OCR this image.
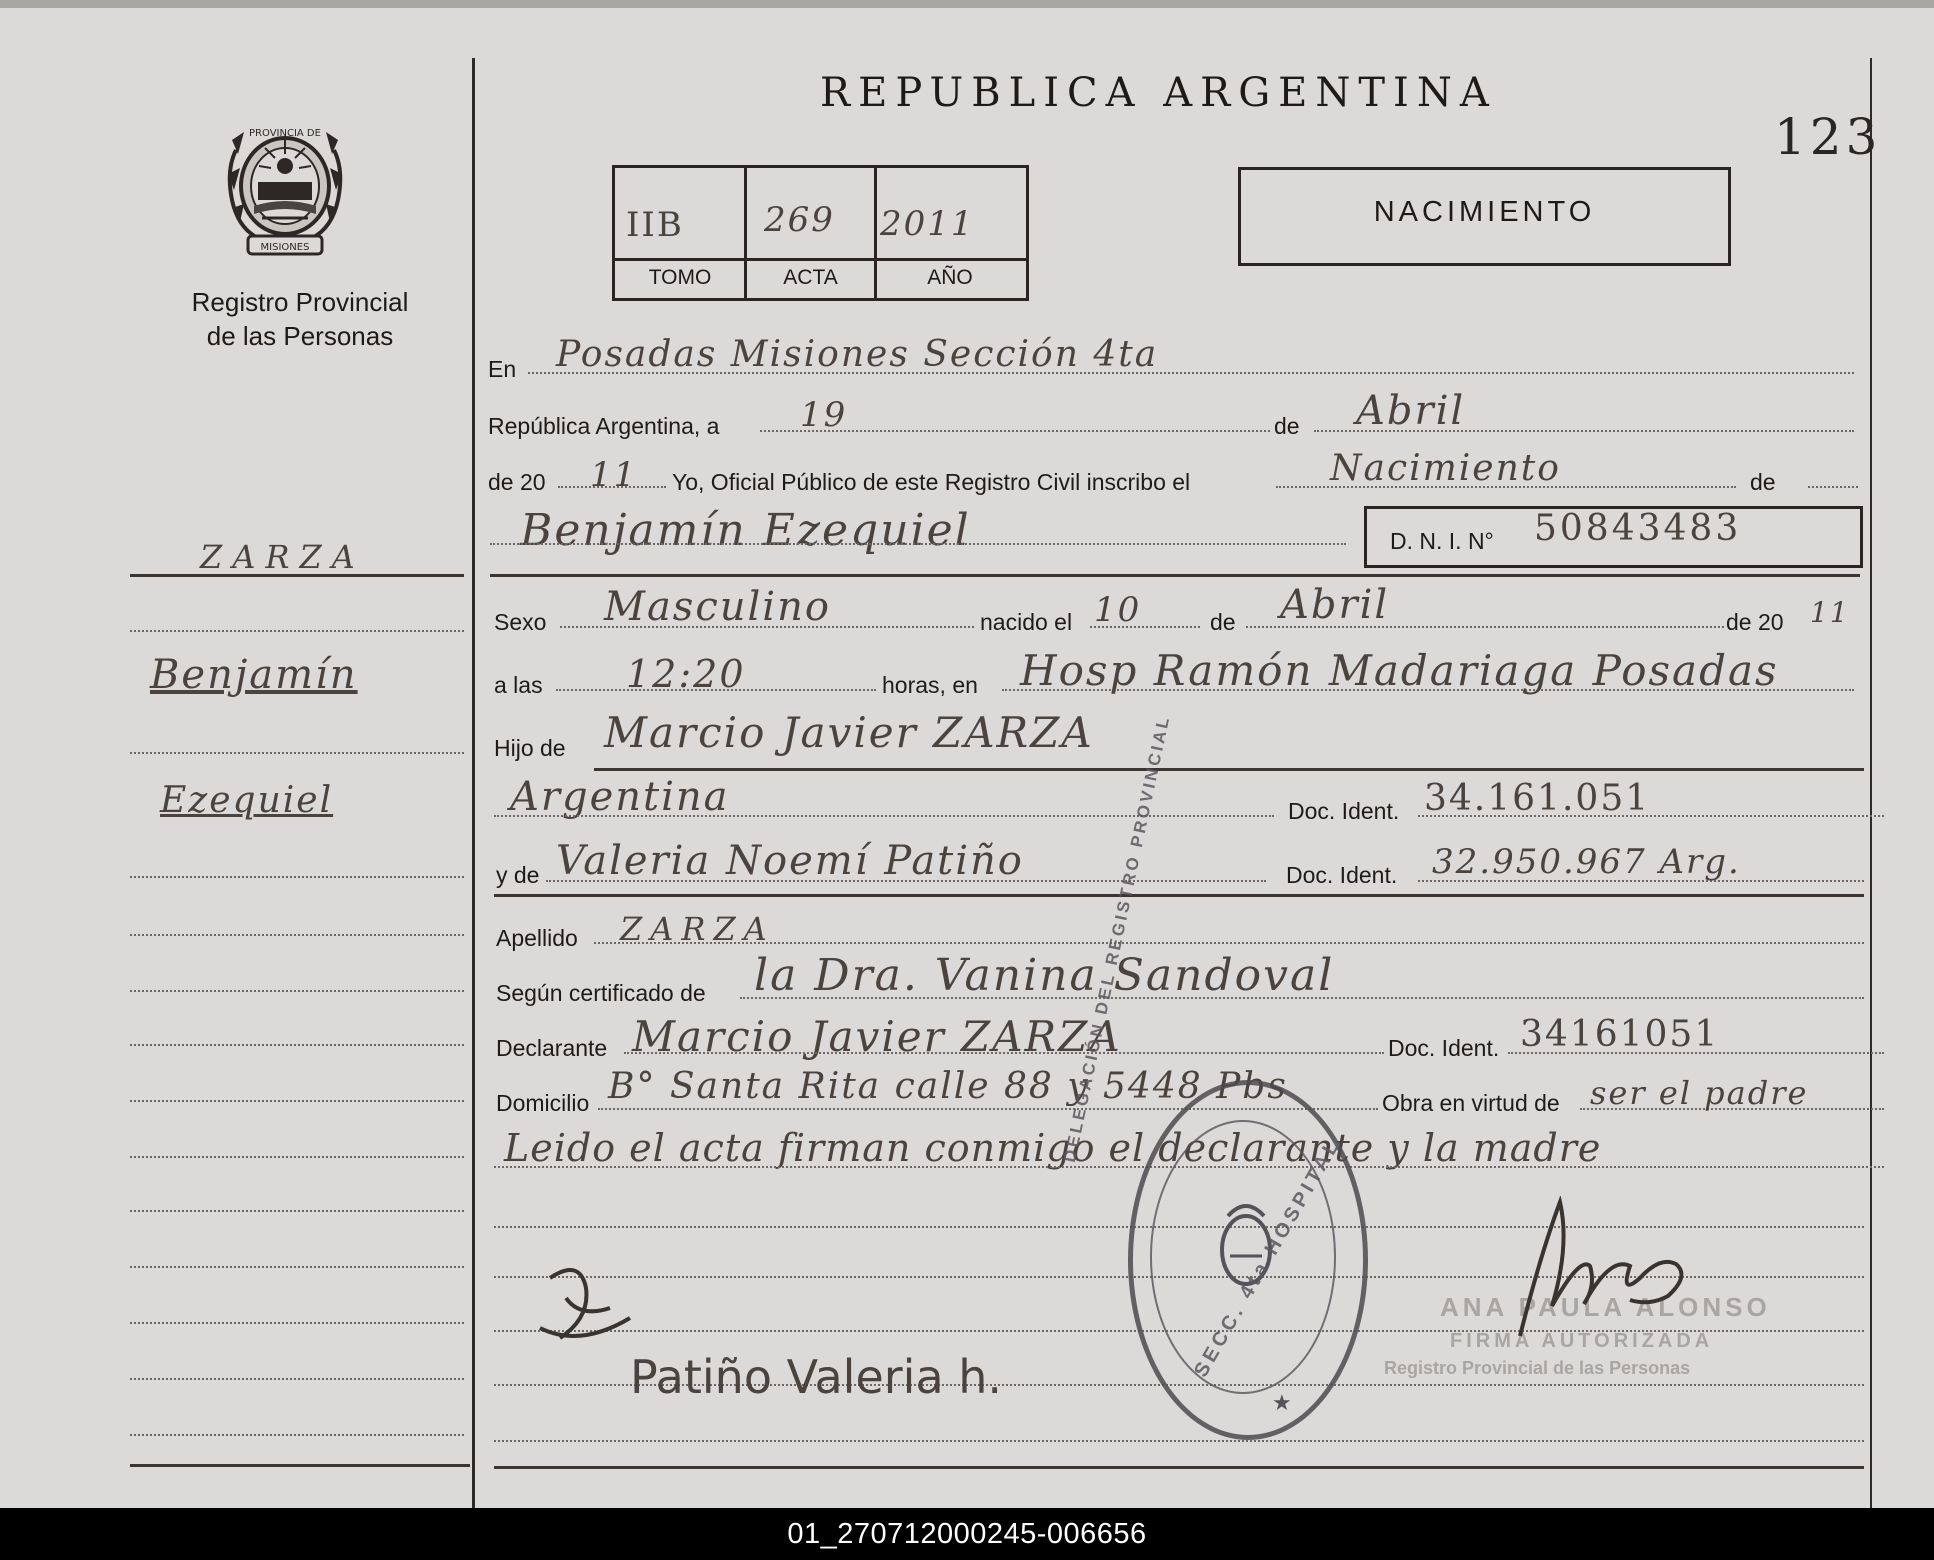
MISIONES
PROVINCIA DE
Registro Provincial
de las Personas
REPUBLICA ARGENTINA
123
IIB 269 2011
TOMO	ACTA	AÑO
NACIMIENTO
En Posadas Misiones Sección 4ta
República Argentina, a 19	de Abril
de 20 11 Yo, Oficial Público de este Registro Civil inscribo el	Nacimiento	de
Benjamín Ezequiel	D. N. I. N° 50843483
Sexo Masculino	nacido el 10	de Abril	de 20 11
a las 12:20	horas, en Hosp Ramón Madariaga Posadas
Hijo de Marcio Javier ZARZA
Argentina	Doc. Ident. 34.161.051
y de Valeria Noemí Patiño	Doc. Ident. 32.950.967 Arg.
Apellido ZARZA
Según certificado de la Dra. Vanina Sandoval
Declarante Marcio Javier ZARZA	Doc. Ident. 34161051
Domicilio B° Santa Rita calle 88 y 5448 Pbs	Obra en virtud de ser el padre
Leido el acta firman conmigo el declarante y la madre
ZARZA
Benjamín
Ezequiel
ANA PAULA ALONSO
FIRMA AUTORIZADA
Registro Provincial de las Personas
Patiño Valeria h.
DELEGACIÓN DEL REGISTRO PROVINCIAL
SECC. 4ta HOSPITAL
★
01_270712000245-006656
